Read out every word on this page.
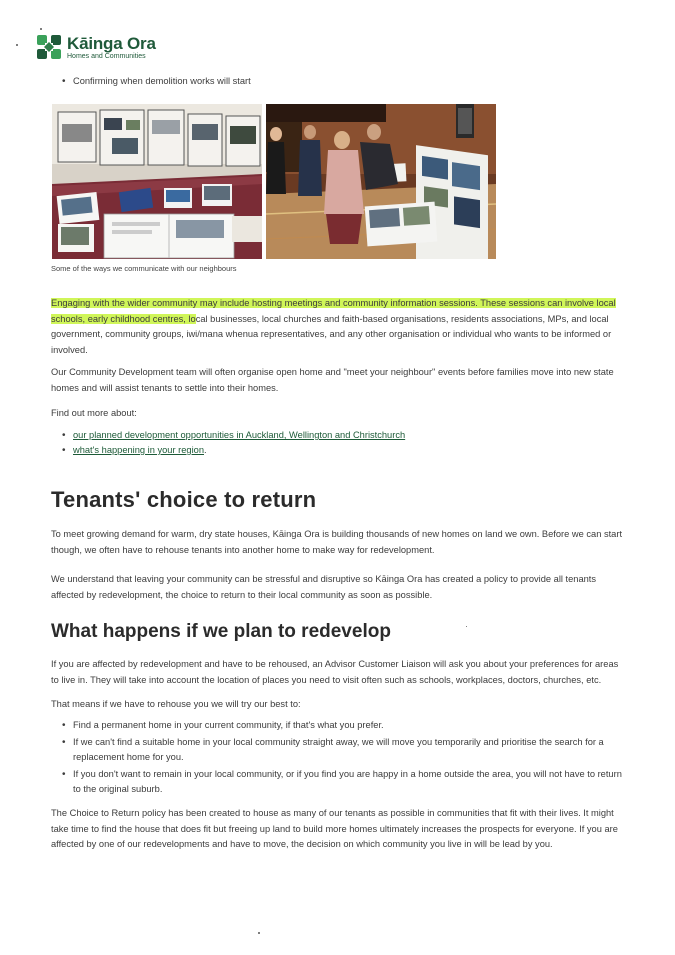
Kāinga Ora
Homes and Communities
• Confirming when demolition works will start
Some of the ways we communicate with our neighbours

Engaging with the wider community may include hosting meetings and community information sessions. These sessions can involve local schools, early childhood centres, local businesses, local churches and faith-based organisations, residents associations, MPs, and local government, community groups, iwi/mana whenua representatives, and any other organisation or individual who wants to be informed or involved.

Our Community Development team will often organise open home and "meet your neighbour" events before families move into new state homes and will assist tenants to settle into their homes.

Find out more about:

• our planned development opportunities in Auckland, Wellington and Christchurch
• what's happening in your region.
Tenants' choice to return

To meet growing demand for warm, dry state houses, Kāinga Ora is building thousands of new homes on land we own. Before we can start though, we often have to rehouse tenants into another home to make way for redevelopment.

We understand that leaving your community can be stressful and disruptive so Kāinga Ora has created a policy to provide all tenants affected by redevelopment, the choice to return to their local community as soon as possible.

What happens if we plan to redevelop

If you are affected by redevelopment and have to be rehoused, an Advisor Customer Liaison will ask you about your preferences for areas to live in. They will take into account the location of places you need to visit often such as schools, workplaces, doctors, churches, etc.

That means if we have to rehouse you we will try our best to:

• Find a permanent home in your current community, if that's what you prefer.
• If we can't find a suitable home in your local community straight away, we will move you temporarily and prioritise the search for a replacement home for you.
• If you don't want to remain in your local community, or if you find you are happy in a home outside the area, you will not have to return to the original suburb.

The Choice to Return policy has been created to house as many of our tenants as possible in communities that fit with their lives. It might take time to find the house that does fit but freeing up land to build more homes ultimately increases the prospects for everyone. If you are affected by one of our redevelopments and have to move, the decision on which community you live in will be lead by you.
